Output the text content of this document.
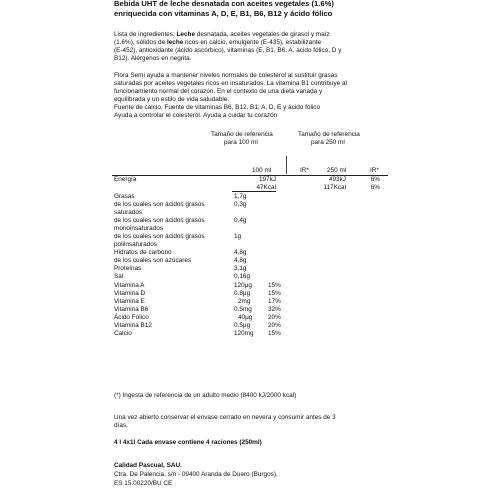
Bebida UHT de leche desnatada con aceites vegetales (1.6%)
enriquecida con vitaminas A, D, E, B1, B6, B12 y ácido fólico
Lista de ingredientes: Leche desnatada, aceites vegetales de girasol y maíz
(1.6%), sólidos de leche ricos en calcio, emulgente (E-435), estabilizante
(E-452), antioxidante (ácido ascórbico), vitaminas (E, B1, B6, A, ácido fólico, D y
B12). Alérgenos en negrita.
Flora Semi ayuda a mantener niveles normales de colesterol al sustituir grasas
saturadas por aceites vegetales ricos en insaturados. La vitamina B1 contribuye al
funcionamiento normal del corazón. En el contexto de una dieta variada y
equilibrada y un estilo de vida saludable.
Fuente de calcio. Fuente de vitaminas B6, B12, B1, A, D, E y ácido fólico
Ayuda a controlar el colesterol. Ayuda a cuidar tu corazón
Tamaño de referencia
para 100 ml
Tamaño de referencia
para 250 ml
100 ml	IR*	250 ml	IR*
Energía	197kJ	493kJ	6%
47Kcal	117Kcal	6%
Grasas	1,7g
de los cuales son ácidos grasos	0,3g
saturados
de los cuales son ácidos grasos	0,4g
monoinsaturados
de los cuales son ácidos grasos	1g
poliinsaturados
Hidratos de carbono	4,8g
de los cuales son azúcares	4,8g
Proteínas	3,1g
Sal	0,16g
Vitamina A	120μg	15%
Vitamina D	0.8μg	15%
Vitamina E	2mg	17%
Vitamina B6	0.5mg	32%
Ácido Fólico	40μg 20%
Vitamina B12	0.5μg	20%
Calcio	120mg 15%
(*) Ingesta de referencia de un adulto medio (8400 kJ/2000 kcal)
Una vez abierto conservar el envase cerrado en nevera y consumir antes de 3
días.
4 l 4x1l Cada envase contiene 4 raciones (250ml)
Calidad Pascual, SAU.
Ctra. De Palencia, s/n - 09400 Aranda de Duero (Burgos).
ES 15.00220/BU CE
